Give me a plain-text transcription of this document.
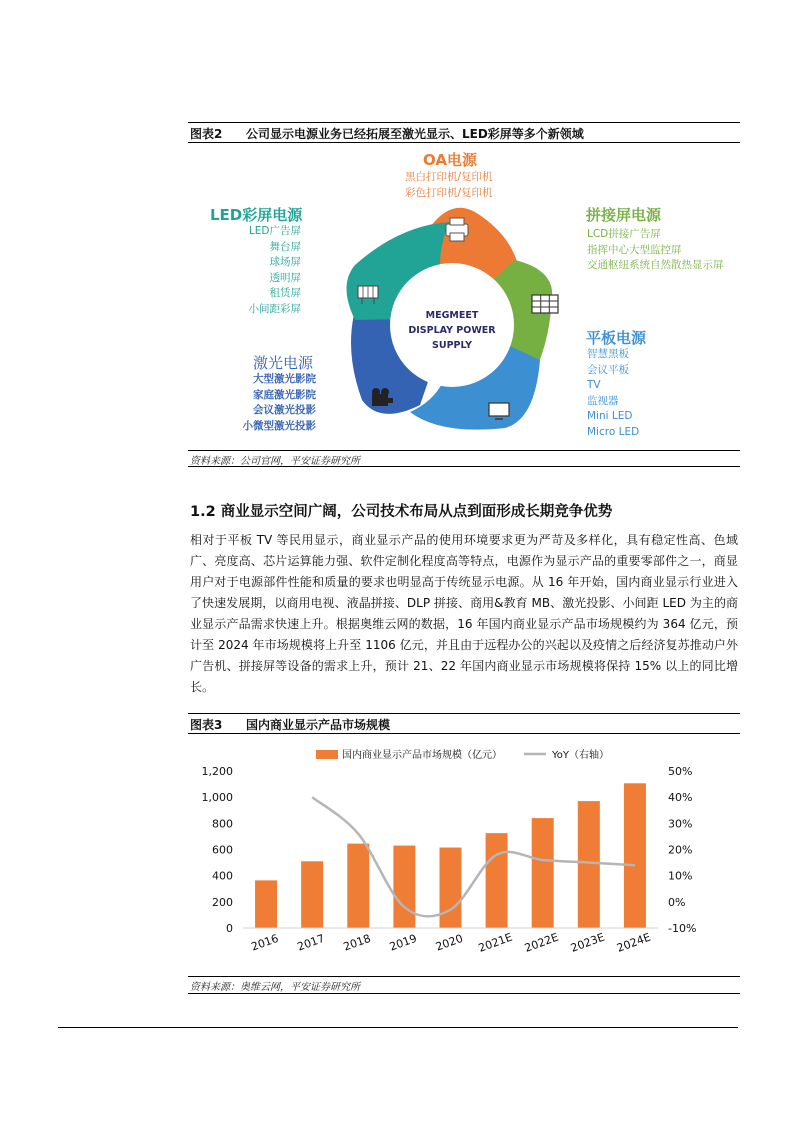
图表2 公司显示电源业务已经拓展至激光显示、LED彩屏等多个新领域
MEGMEET
DISPLAY POWER
SUPPLY
OA电源
黑白打印机/复印机
彩色打印机/复印机
拼接屏电源
LCD拼接广告屏
指挥中心大型监控屏
交通枢纽系统自然散热显示屏
平板电源
智慧黑板
会议平板
TV
监视器
Mini LED
Micro LED
激光电源
大型激光影院
家庭激光影院
会议激光投影
小微型激光投影
LED彩屏电源
LED广告屏
舞台屏
球场屏
透明屏
租赁屏
小间距彩屏
资料来源：公司官网，平安证券研究所
1.2 商业显示空间广阔，公司技术布局从点到面形成长期竞争优势
相对于平板 TV 等民用显示，商业显示产品的使用环境要求更为严苛及多样化，具有稳定性高、色域广、亮度高、芯片运算能力强、软件定制化程度高等特点，电源作为显示产品的重要零部件之一，商显用户对于电源部件性能和质量的要求也明显高于传统显示电源。从 16 年开始，国内商业显示行业进入了快速发展期，以商用电视、液晶拼接、DLP 拼接、商用&教育 MB、激光投影、小间距 LED 为主的商业显示产品需求快速上升。根据奥维云网的数据，16 年国内商业显示产品市场规模约为 364 亿元，预计至 2024 年市场规模将上升至 1106 亿元，并且由于远程办公的兴起以及疫情之后经济复苏推动户外广告机、拼接屏等设备的需求上升，预计 21、22 年国内商业显示市场规模将保持 15% 以上的同比增长。
图表3 国内商业显示产品市场规模
0
200
400
600
800
1,000
1,200
-10%
0%
10%
20%
30%
40%
50%
2016 2017 2018 2019 2020 2021E 2022E 2023E 2024E
国内商业显示产品市场规模（亿元）	YoY（右轴）
资料来源：奥维云网，平安证券研究所
